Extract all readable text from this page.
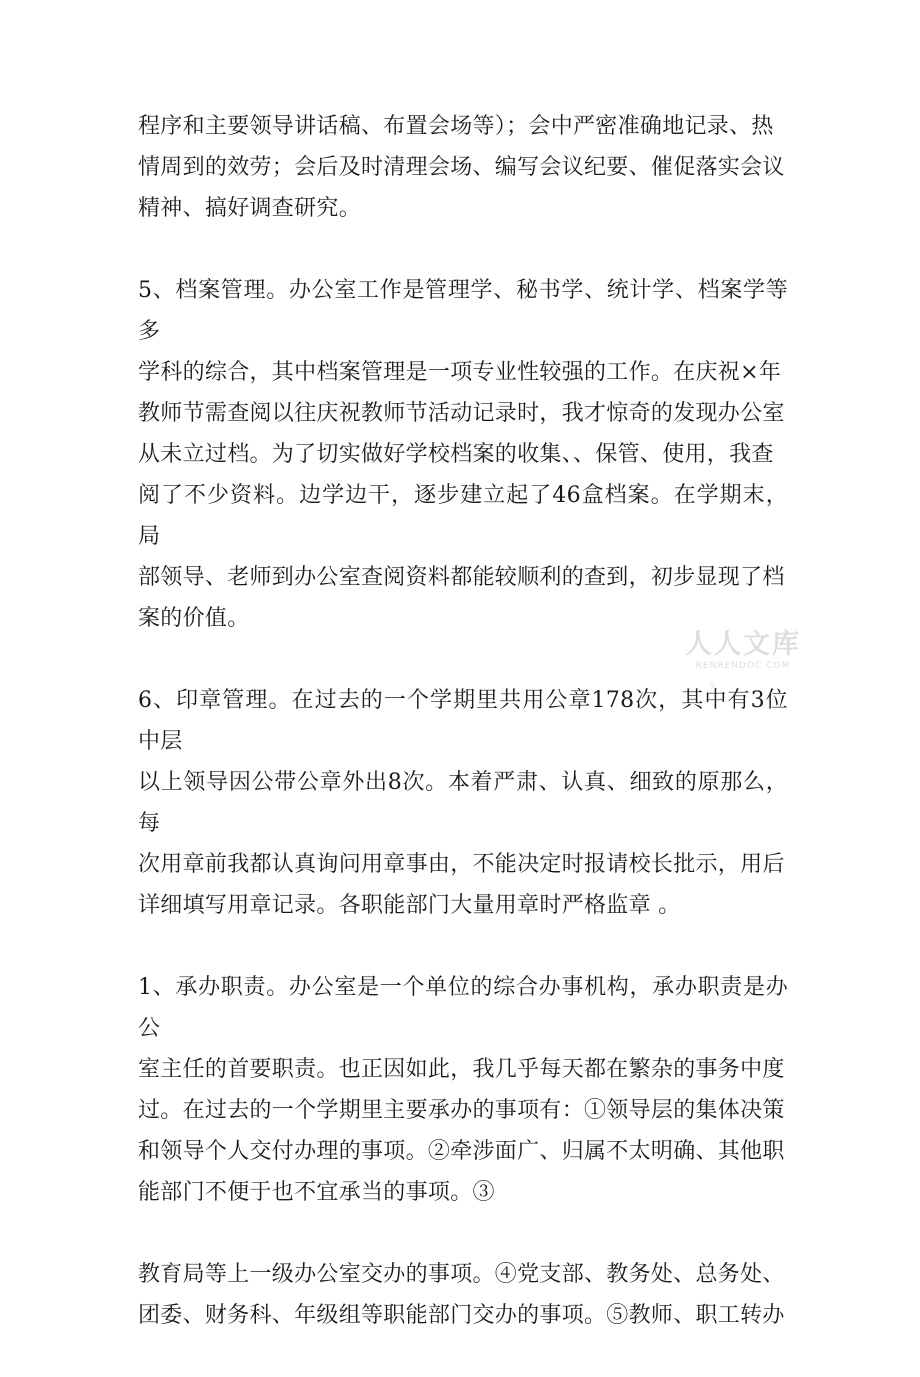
程序和主要领导讲话稿、布置会场等）；会中严密准确地记录、热
情周到的效劳；会后及时清理会场、编写会议纪要、催促落实会议
精神、搞好调查研究。
5、档案管理。办公室工作是管理学、秘书学、统计学、档案学等多
学科的综合，其中档案管理是一项专业性较强的工作。在庆祝×年
教师节需查阅以往庆祝教师节活动记录时，我才惊奇的发现办公室
从未立过档。为了切实做好学校档案的收集、、保管、使用，我查
阅了不少资料。边学边干，逐步建立起了46盒档案。在学期末，局
部领导、老师到办公室查阅资料都能较顺利的查到，初步显现了档
案的价值。
6、印章管理。在过去的一个学期里共用公章178次，其中有3位中层
以上领导因公带公章外出8次。本着严肃、认真、细致的原那么，每
次用章前我都认真询问用章事由，不能决定时报请校长批示，用后
详细填写用章记录。各职能部门大量用章时严格监章 。
1、承办职责。办公室是一个单位的综合办事机构，承办职责是办公
室主任的首要职责。也正因如此，我几乎每天都在繁杂的事务中度
过。在过去的一个学期里主要承办的事项有：①领导层的集体决策
和领导个人交付办理的事项。②牵涉面广、归属不太明确、其他职
能部门不便于也不宜承当的事项。③
教育局等上一级办公室交办的事项。④党支部、教务处、总务处、
团委、财务科、年级组等职能部门交办的事项。⑤教师、职工转办
人人文库
RENRENDOC.COM
水
